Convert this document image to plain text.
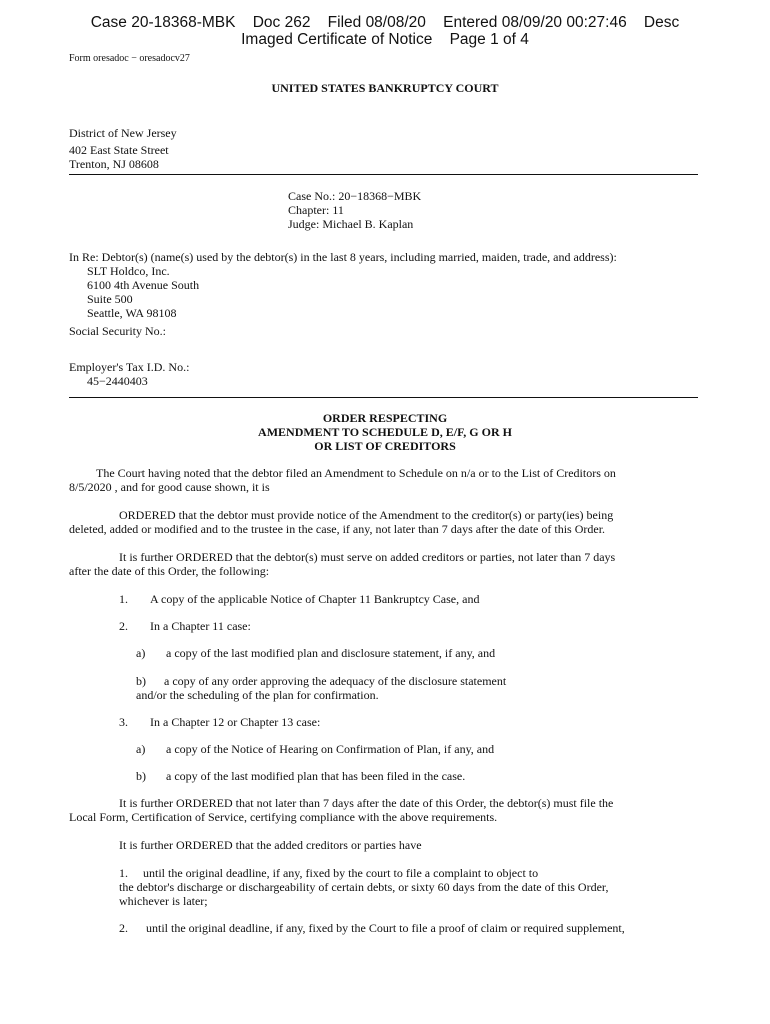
Case 20-18368-MBK    Doc 262    Filed 08/08/20    Entered 08/09/20 00:27:46    Desc
Imaged Certificate of Notice    Page 1 of 4
Form oresadoc − oresadocv27
UNITED STATES BANKRUPTCY COURT
District of New Jersey
402 East State Street
Trenton, NJ 08608
Case No.: 20−18368−MBK
Chapter: 11
Judge: Michael B. Kaplan
In Re: Debtor(s) (name(s) used by the debtor(s) in the last 8 years, including married, maiden, trade, and address):
SLT Holdco, Inc.
6100 4th Avenue South
Suite 500
Seattle, WA 98108
Social Security No.:
Employer's Tax I.D. No.:
45−2440403
ORDER RESPECTING
AMENDMENT TO SCHEDULE D, E/F, G OR H
OR LIST OF CREDITORS
The Court having noted that the debtor filed an Amendment to Schedule on n/a or to the List of Creditors on
8/5/2020 , and for good cause shown, it is
ORDERED that the debtor must provide notice of the Amendment to the creditor(s) or party(ies) being
deleted, added or modified and to the trustee in the case, if any, not later than 7 days after the date of this Order.
It is further ORDERED that the debtor(s) must serve on added creditors or parties, not later than 7 days
after the date of this Order, the following:
1. A copy of the applicable Notice of Chapter 11 Bankruptcy Case, and
2. In a Chapter 11 case:
a) a copy of the last modified plan and disclosure statement, if any, and
b)      a copy of any order approving the adequacy of the disclosure statement
and/or the scheduling of the plan for confirmation.
3. In a Chapter 12 or Chapter 13 case:
a) a copy of the Notice of Hearing on Confirmation of Plan, if any, and
b) a copy of the last modified plan that has been filed in the case.
It is further ORDERED that not later than 7 days after the date of this Order, the debtor(s) must file the
Local Form, Certification of Service, certifying compliance with the above requirements.
It is further ORDERED that the added creditors or parties have
1.     until the original deadline, if any, fixed by the court to file a complaint to object to
the debtor's discharge or dischargeability of certain debts, or sixty 60 days from the date of this Order,
whichever is later;
2. until the original deadline, if any, fixed by the Court to file a proof of claim or required supplement,
